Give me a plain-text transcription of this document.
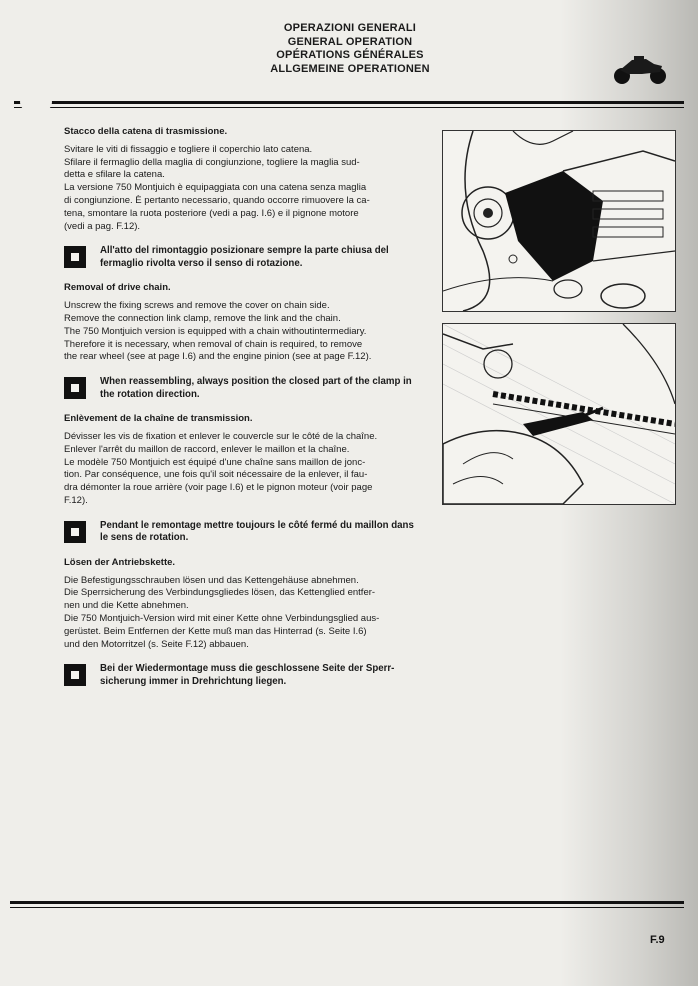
OPERAZIONI GENERALI
GENERAL OPERATION
OPÉRATIONS GÉNÉRALES
ALLGEMEINE OPERATIONEN
Stacco della catena di trasmissione.

Svitare le viti di fissaggio e togliere il coperchio lato catena.

Sfilare il fermaglio della maglia di congiunzione, togliere la maglia sud-

detta e sfilare la catena.

La versione 750 Montjuich è equipaggiata con una catena senza maglia

di congiunzione. È pertanto necessario, quando occorre rimuovere la ca-

tena, smontare la ruota posteriore (vedi a pag. I.6) e il pignone motore

(vedi a pag. F.12).

All'atto del rimontaggio posizionare sempre la parte chiusa del fermaglio rivolta verso il senso di rotazione.
Removal of drive chain.

Unscrew the fixing screws and remove the cover on chain side.

Remove the connection link clamp, remove the link and the chain.

The 750 Montjuich version is equipped with a chain withoutintermediary.

Therefore it is necessary, when removal of chain is required, to remove

the rear wheel (see at page I.6) and the engine pinion (see at page F.12).

When reassembling, always position the closed part of the clamp in the rotation direction.
Enlèvement de la chaîne de transmission.

Dévisser les vis de fixation et enlever le couvercle sur le côté de la chaîne.

Enlever l'arrêt du maillon de raccord, enlever le maillon et la chaîne.

Le modèle 750 Montjuich est équipé d'une chaîne sans maillon de jonc-

tion. Par conséquence, une fois qu'il soit nécessaire de la enlever, il fau-

dra démonter la roue arrière (voir page I.6) et le pignon moteur (voir page

F.12).

Pendant le remontage mettre toujours le côté fermé du maillon dans le sens de rotation.
Lösen der Antriebskette.

Die Befestigungsschrauben lösen und das Kettengehäuse abnehmen.

Die Sperrsicherung des Verbindungsgliedes lösen, das Kettenglied entfer-

nen und die Kette abnehmen.

Die 750 Montjuich-Version wird mit einer Kette ohne Verbindungsglied aus-

gerüstet. Beim Entfernen der Kette muß man das Hinterrad (s. Seite I.6)

und den Motorritzel (s. Seite F.12) abbauen.

Bei der Wiedermontage muss die geschlossene Seite der Sperr-sicherung immer in Drehrichtung liegen.
F.9
